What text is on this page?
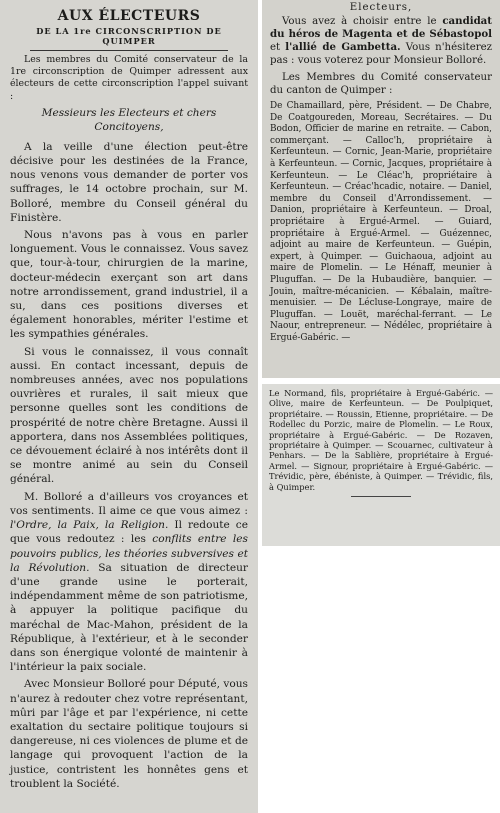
AUX ÉLECTEURS
DE LA 1re CIRCONSCRIPTION DE QUIMPER

Les membres du Comité conservateur de la 1re circonscription de Quimper adressent aux électeurs de cette circonscription l'appel suivant :

Messieurs les Electeurs et chers Concitoyens,

A la veille d'une élection peut-être décisive pour les destinées de la France, nous venons vous demander de porter vos suffrages, le 14 octobre prochain, sur M. Bolloré, membre du Conseil général du Finistère.

Nous n'avons pas à vous en parler longuement. Vous le connaissez. Vous savez que, tour-à-tour, chirurgien de la marine, docteur-médecin exerçant son art dans notre arrondissement, grand industriel, il a su, dans ces positions diverses et également honorables, mériter l'estime et les sympathies générales.

Si vous le connaissez, il vous connaît aussi. En contact incessant, depuis de nombreuses années, avec nos populations ouvrières et rurales, il sait mieux que personne quelles sont les conditions de prospérité de notre chère Bretagne. Aussi il apportera, dans nos Assemblées politiques, ce dévouement éclairé à nos intérêts dont il se montre animé au sein du Conseil général.

M. Bolloré a d'ailleurs vos croyances et vos sentiments. Il aime ce que vous aimez : l'Ordre, la Paix, la Religion. Il redoute ce que vous redoutez : les conflits entre les pouvoirs publics, les théories subversives et la Révolution. Sa situation de directeur d'une grande usine le porterait, indépendamment même de son patriotisme, à appuyer la politique pacifique du maréchal de Mac-Mahon, président de la République, à l'extérieur, et à le seconder dans son énergique volonté de maintenir à l'intérieur la paix sociale.

Avec Monsieur Bolloré pour Député, vous n'aurez à redouter chez votre représentant, mûri par l'âge et par l'expérience, ni cette exaltation du sectaire politique toujours si dangereuse, ni ces violences de plume et de langage qui provoquent l'action de la justice, contristent les honnêtes gens et troublent la Société.

Electeurs,

Vous avez à choisir entre le candidat du héros de Magenta et de Sébastopol et l'allié de Gambetta. Vous n'hésiterez pas : vous voterez pour Monsieur Bolloré.

Les Membres du Comité conservateur du canton de Quimper :

De Chamaillard, père, Président. — De Chabre, De Coatgoureden, Moreau, Secrétaires. — Du Bodon, Officier de marine en retraite. — Cabon, commerçant. — Calloc'h, propriétaire à Kerfeunteun. — Cornic, Jean-Marie, propriétaire à Kerfeunteun. — Cornic, Jacques, propriétaire à Kerfeunteun. — Le Cléac'h, propriétaire à Kerfeunteun. — Créac'hcadic, notaire. — Daniel, membre du Conseil d'Arrondissement. — Danion, propriétaire à Kerfeunteun. — Droal, propriétaire à Ergué-Armel. — Guiard, propriétaire à Ergué-Armel. — Guézennec, adjoint au maire de Kerfeunteun. — Guépin, expert, à Quimper. — Guichaoua, adjoint au maire de Plomelin. — Le Hénaff, meunier à Pluguffan. — De la Hubaudière, banquier. — Jouin, maître-mécanicien. — Kébalain, maître-menuisier. — De Lécluse-Longraye, maire de Pluguffan. — Louët, maréchal-ferrant. — Le Naour, entrepreneur. — Nédélec, propriétaire à Ergué-Gabéric. —

Le Normand, fils, propriétaire à Ergué-Gabéric. — Olive, maire de Kerfeunteun. — De Poulpiquet, propriétaire. — Roussin, Etienne, propriétaire. — De Rodellec du Porzic, maire de Plomelin. — Le Roux, propriétaire à Ergué-Gabéric. — De Rozaven, propriétaire à Quimper. — Scouarnec, cultivateur à Penhars. — De la Sablière, propriétaire à Ergué-Armel. — Signour, propriétaire à Ergué-Gabéric. — Trévidic, père, ébéniste, à Quimper. — Trévidic, fils, à Quimper.
